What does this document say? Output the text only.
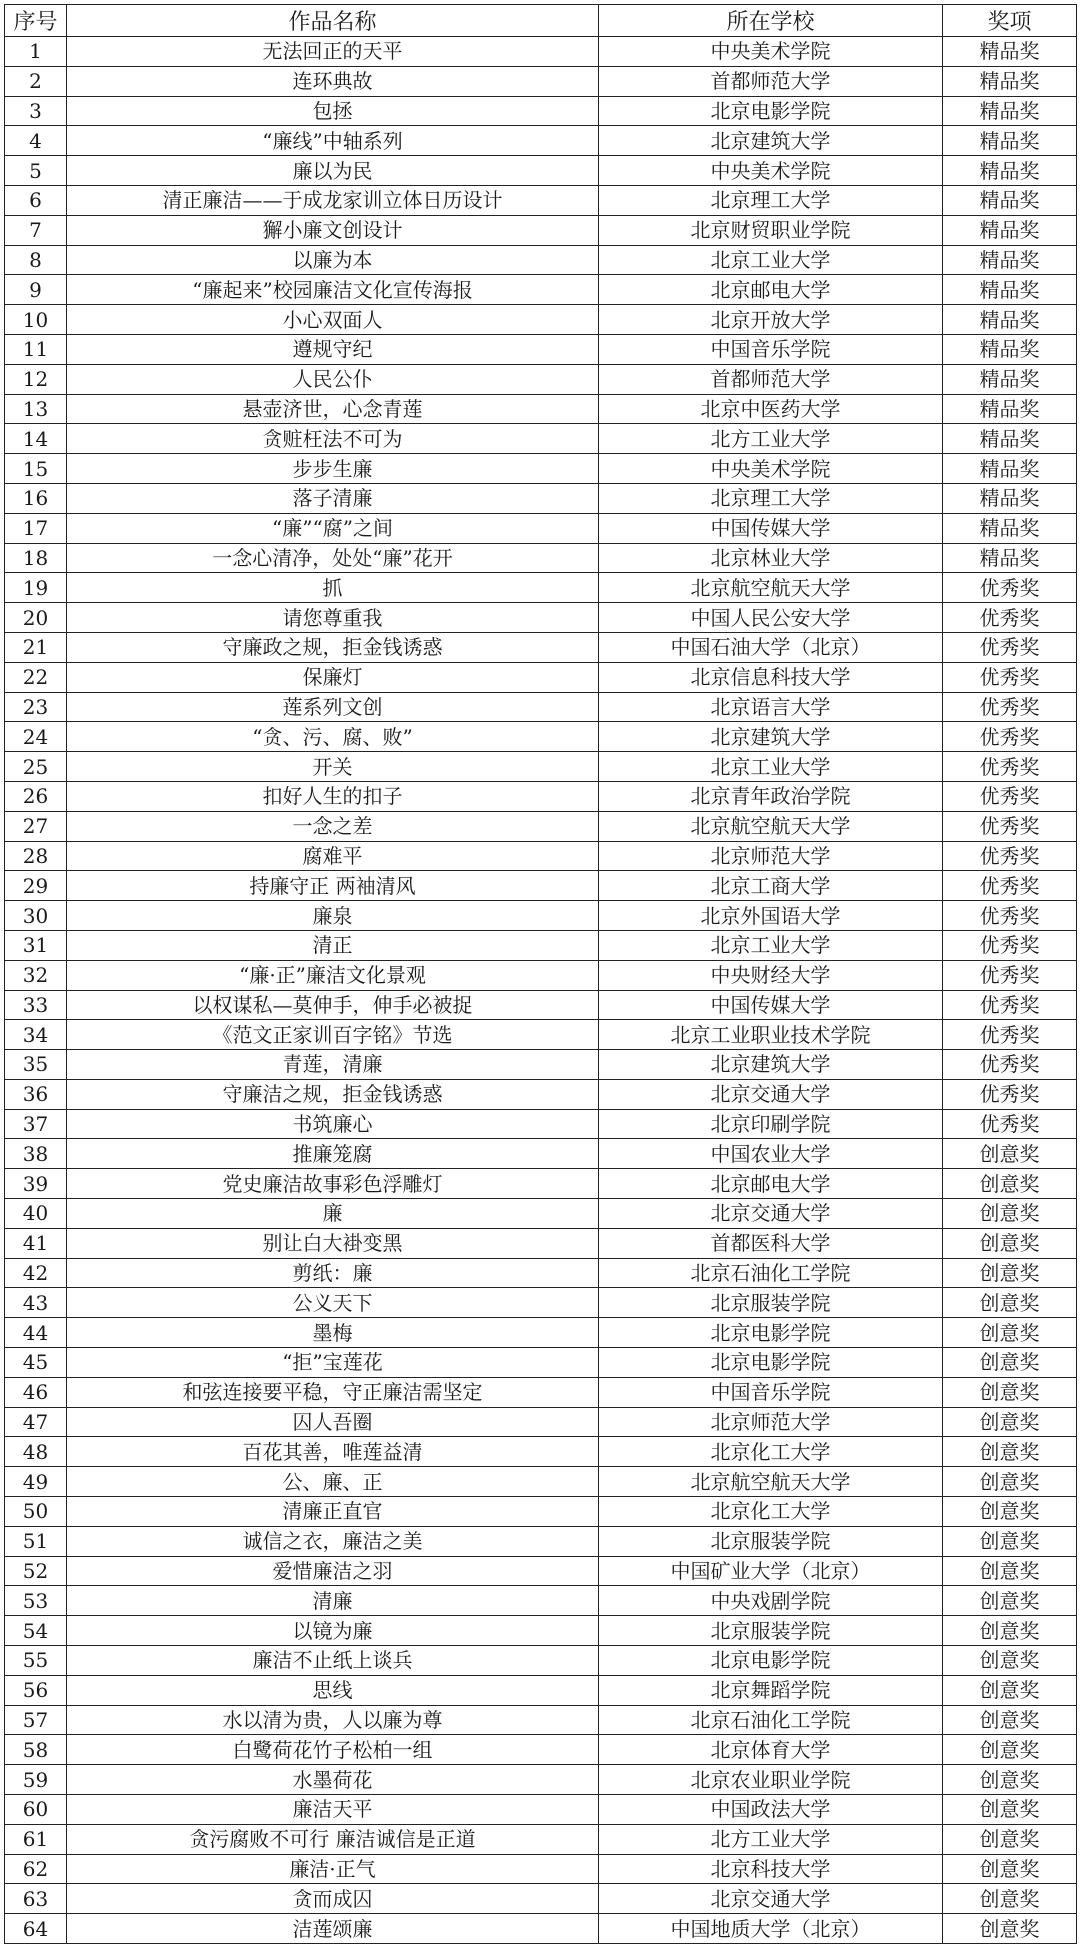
序号	作品名称	所在学校	奖项
1	无法回正的天平	中央美术学院	精品奖
2	连环典故	首都师范大学	精品奖
3	包拯	北京电影学院	精品奖
4	“廉线”中轴系列	北京建筑大学	精品奖
5	廉以为民	中央美术学院	精品奖
6	清正廉洁——于成龙家训立体日历设计	北京理工大学	精品奖
7	獬小廉文创设计	北京财贸职业学院	精品奖
8	以廉为本	北京工业大学	精品奖
9	“廉起来”校园廉洁文化宣传海报	北京邮电大学	精品奖
10	小心双面人	北京开放大学	精品奖
11	遵规守纪	中国音乐学院	精品奖
12	人民公仆	首都师范大学	精品奖
13	悬壶济世，心念青莲	北京中医药大学	精品奖
14	贪赃枉法不可为	北方工业大学	精品奖
15	步步生廉	中央美术学院	精品奖
16	落子清廉	北京理工大学	精品奖
17	“廉”“腐”之间	中国传媒大学	精品奖
18	一念心清净，处处“廉”花开	北京林业大学	精品奖
19	抓	北京航空航天大学	优秀奖
20	请您尊重我	中国人民公安大学	优秀奖
21	守廉政之规，拒金钱诱惑	中国石油大学（北京）	优秀奖
22	保廉灯	北京信息科技大学	优秀奖
23	莲系列文创	北京语言大学	优秀奖
24	“贪、污、腐、败”	北京建筑大学	优秀奖
25	开关	北京工业大学	优秀奖
26	扣好人生的扣子	北京青年政治学院	优秀奖
27	一念之差	北京航空航天大学	优秀奖
28	腐难平	北京师范大学	优秀奖
29	持廉守正 两袖清风	北京工商大学	优秀奖
30	廉泉	北京外国语大学	优秀奖
31	清正	北京工业大学	优秀奖
32	“廉·正”廉洁文化景观	中央财经大学	优秀奖
33	以权谋私—莫伸手，伸手必被捉	中国传媒大学	优秀奖
34	《范文正家训百字铭》节选	北京工业职业技术学院	优秀奖
35	青莲，清廉	北京建筑大学	优秀奖
36	守廉洁之规，拒金钱诱惑	北京交通大学	优秀奖
37	书筑廉心	北京印刷学院	优秀奖
38	推廉笼腐	中国农业大学	创意奖
39	党史廉洁故事彩色浮雕灯	北京邮电大学	创意奖
40	廉	北京交通大学	创意奖
41	别让白大褂变黑	首都医科大学	创意奖
42	剪纸：廉	北京石油化工学院	创意奖
43	公义天下	北京服装学院	创意奖
44	墨梅	北京电影学院	创意奖
45	“拒”宝莲花	北京电影学院	创意奖
46	和弦连接要平稳，守正廉洁需坚定	中国音乐学院	创意奖
47	囚人吾圈	北京师范大学	创意奖
48	百花其善，唯莲益清	北京化工大学	创意奖
49	公、廉、正	北京航空航天大学	创意奖
50	清廉正直官	北京化工大学	创意奖
51	诚信之衣，廉洁之美	北京服装学院	创意奖
52	爱惜廉洁之羽	中国矿业大学（北京）	创意奖
53	清廉	中央戏剧学院	创意奖
54	以镜为廉	北京服装学院	创意奖
55	廉洁不止纸上谈兵	北京电影学院	创意奖
56	思线	北京舞蹈学院	创意奖
57	水以清为贵，人以廉为尊	北京石油化工学院	创意奖
58	白鹭荷花竹子松柏一组	北京体育大学	创意奖
59	水墨荷花	北京农业职业学院	创意奖
60	廉洁天平	中国政法大学	创意奖
61	贪污腐败不可行 廉洁诚信是正道	北方工业大学	创意奖
62	廉洁·正气	北京科技大学	创意奖
63	贪而成囚	北京交通大学	创意奖
64	洁莲颂廉	中国地质大学（北京）	创意奖
